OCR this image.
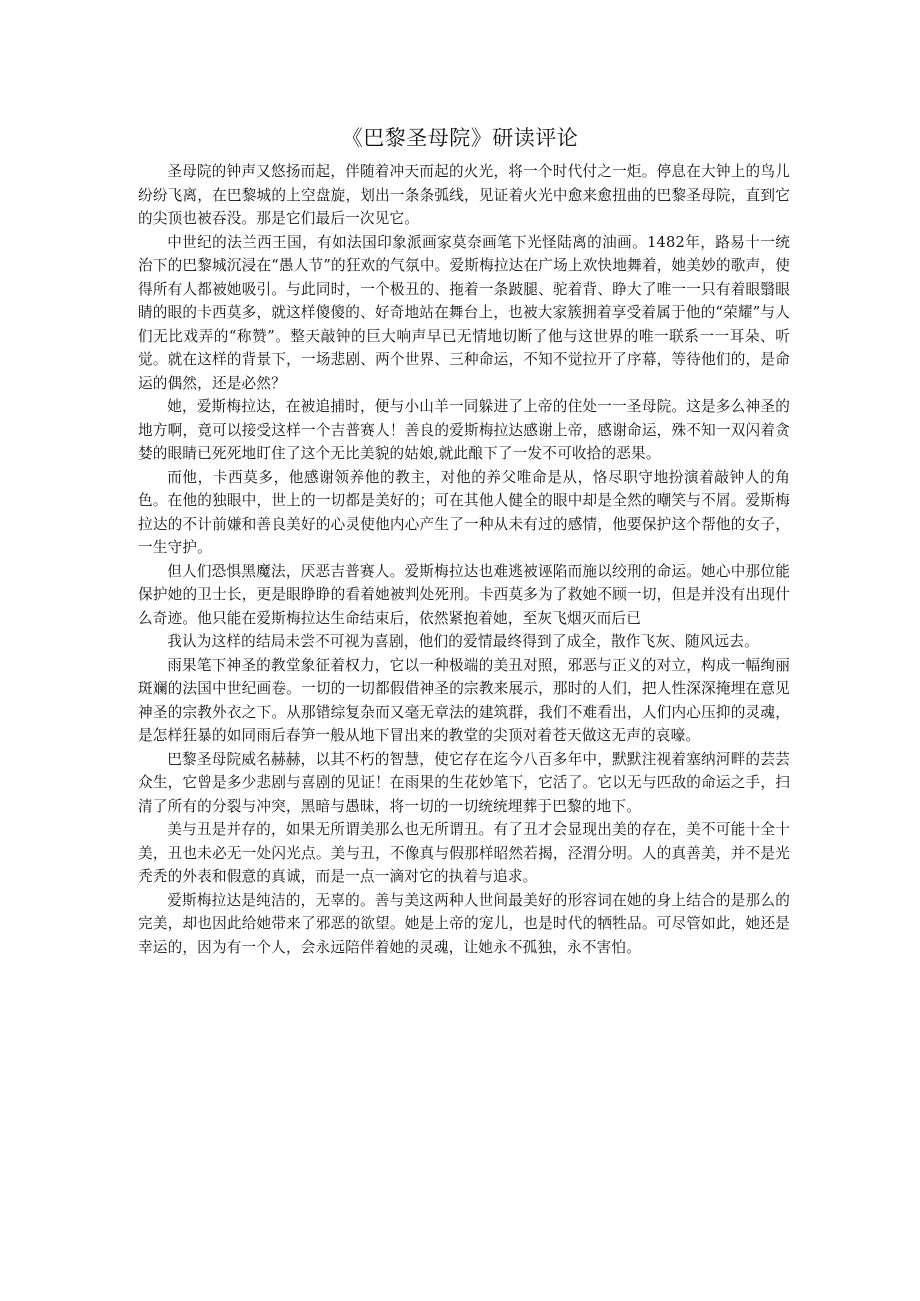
《巴黎圣母院》研读评论

圣母院的钟声又悠扬而起，伴随着冲天而起的火光，将一个时代付之一炬。停息在大钟上的鸟儿纷纷飞离，在巴黎城的上空盘旋，划出一条条弧线，见证着火光中愈来愈扭曲的巴黎圣母院，直到它的尖顶也被吞没。那是它们最后一次见它。

中世纪的法兰西王国，有如法国印象派画家莫奈画笔下光怪陆离的油画。1482年，路易十一统治下的巴黎城沉浸在“愚人节”的狂欢的气氛中。爱斯梅拉达在广场上欢快地舞着，她美妙的歌声，使得所有人都被她吸引。与此同时，一个极丑的、拖着一条跛腿、驼着背、睁大了唯一一只有着眼翳眼睛的眼的卡西莫多，就这样傻傻的、好奇地站在舞台上，也被大家簇拥着享受着属于他的“荣耀”与人们无比戏弄的“称赞”。整天敲钟的巨大响声早已无情地切断了他与这世界的唯一联系一一耳朵、听觉。就在这样的背景下，一场悲剧、两个世界、三种命运，不知不觉拉开了序幕，等待他们的，是命运的偶然，还是必然？

她，爱斯梅拉达，在被追捕时，便与小山羊一同躲进了上帝的住处一一圣母院。这是多么神圣的地方啊，竟可以接受这样一个吉普赛人！善良的爱斯梅拉达感谢上帝，感谢命运，殊不知一双闪着贪婪的眼睛已死死地盯住了这个无比美貌的姑娘,就此酿下了一发不可收拾的恶果。

而他，卡西莫多，他感谢领养他的教主，对他的养父唯命是从，恪尽职守地扮演着敲钟人的角色。在他的独眼中，世上的一切都是美好的；可在其他人健全的眼中却是全然的嘲笑与不屑。爱斯梅拉达的不计前嫌和善良美好的心灵使他内心产生了一种从未有过的感情，他要保护这个帮他的女子，一生守护。

但人们恐惧黑魔法，厌恶吉普赛人。爱斯梅拉达也难逃被诬陷而施以绞刑的命运。她心中那位能保护她的卫士长，更是眼睁睁的看着她被判处死刑。卡西莫多为了救她不顾一切，但是并没有出现什么奇迹。他只能在爱斯梅拉达生命结束后，依然紧抱着她，至灰飞烟灭而后已

我认为这样的结局未尝不可视为喜剧，他们的爱情最终得到了成全，散作飞灰、随风远去。

雨果笔下神圣的教堂象征着权力，它以一种极端的美丑对照，邪恶与正义的对立，构成一幅绚丽斑斓的法国中世纪画卷。一切的一切都假借神圣的宗教来展示，那时的人们，把人性深深掩埋在意见神圣的宗教外衣之下。从那错综复杂而又毫无章法的建筑群，我们不难看出，人们内心压抑的灵魂，是怎样狂暴的如同雨后春笋一般从地下冒出来的教堂的尖顶对着苍天做这无声的哀嚎。

巴黎圣母院威名赫赫，以其不朽的智慧，使它存在迄今八百多年中，默默注视着塞纳河畔的芸芸众生，它曾是多少悲剧与喜剧的见证！在雨果的生花妙笔下，它活了。它以无与匹敌的命运之手，扫清了所有的分裂与冲突，黑暗与愚昧，将一切的一切统统埋葬于巴黎的地下。

美与丑是并存的，如果无所谓美那么也无所谓丑。有了丑才会显现出美的存在，美不可能十全十美，丑也未必无一处闪光点。美与丑，不像真与假那样昭然若揭，泾渭分明。人的真善美，并不是光秃秃的外表和假意的真诚，而是一点一滴对它的执着与追求。

爱斯梅拉达是纯洁的，无辜的。善与美这两种人世间最美好的形容词在她的身上结合的是那么的完美，却也因此给她带来了邪恶的欲望。她是上帝的宠儿，也是时代的牺牲品。可尽管如此，她还是幸运的，因为有一个人，会永远陪伴着她的灵魂，让她永不孤独，永不害怕。
